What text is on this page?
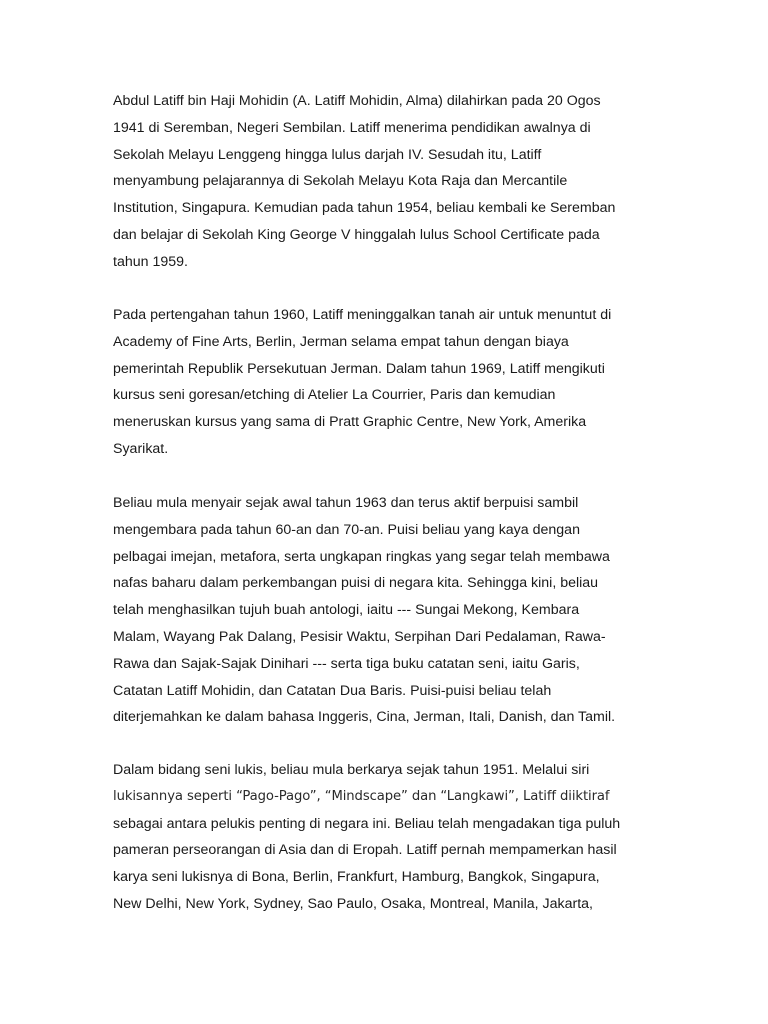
Abdul Latiff bin Haji Mohidin (A. Latiff Mohidin, Alma) dilahirkan pada 20 Ogos
1941 di Seremban, Negeri Sembilan. Latiff menerima pendidikan awalnya di
Sekolah Melayu Lenggeng hingga lulus darjah IV. Sesudah itu, Latiff
menyambung pelajarannya di Sekolah Melayu Kota Raja dan Mercantile
Institution, Singapura. Kemudian pada tahun 1954, beliau kembali ke Seremban
dan belajar di Sekolah King George V hinggalah lulus School Certificate pada
tahun 1959.

Pada pertengahan tahun 1960, Latiff meninggalkan tanah air untuk menuntut di
Academy of Fine Arts, Berlin, Jerman selama empat tahun dengan biaya
pemerintah Republik Persekutuan Jerman. Dalam tahun 1969, Latiff mengikuti
kursus seni goresan/etching di Atelier La Courrier, Paris dan kemudian
meneruskan kursus yang sama di Pratt Graphic Centre, New York, Amerika
Syarikat.

Beliau mula menyair sejak awal tahun 1963 dan terus aktif berpuisi sambil
mengembara pada tahun 60-an dan 70-an. Puisi beliau yang kaya dengan
pelbagai imejan, metafora, serta ungkapan ringkas yang segar telah membawa
nafas baharu dalam perkembangan puisi di negara kita. Sehingga kini, beliau
telah menghasilkan tujuh buah antologi, iaitu --- Sungai Mekong, Kembara
Malam, Wayang Pak Dalang, Pesisir Waktu, Serpihan Dari Pedalaman, Rawa-
Rawa dan Sajak-Sajak Dinihari --- serta tiga buku catatan seni, iaitu Garis,
Catatan Latiff Mohidin, dan Catatan Dua Baris. Puisi-puisi beliau telah
diterjemahkan ke dalam bahasa Inggeris, Cina, Jerman, Itali, Danish, dan Tamil.

Dalam bidang seni lukis, beliau mula berkarya sejak tahun 1951. Melalui siri
lukisannya seperti “Pago-Pago”, “Mindscape” dan “Langkawi”, Latiff diiktiraf
sebagai antara pelukis penting di negara ini. Beliau telah mengadakan tiga puluh
pameran perseorangan di Asia dan di Eropah. Latiff pernah mempamerkan hasil
karya seni lukisnya di Bona, Berlin, Frankfurt, Hamburg, Bangkok, Singapura,
New Delhi, New York, Sydney, Sao Paulo, Osaka, Montreal, Manila, Jakarta,
